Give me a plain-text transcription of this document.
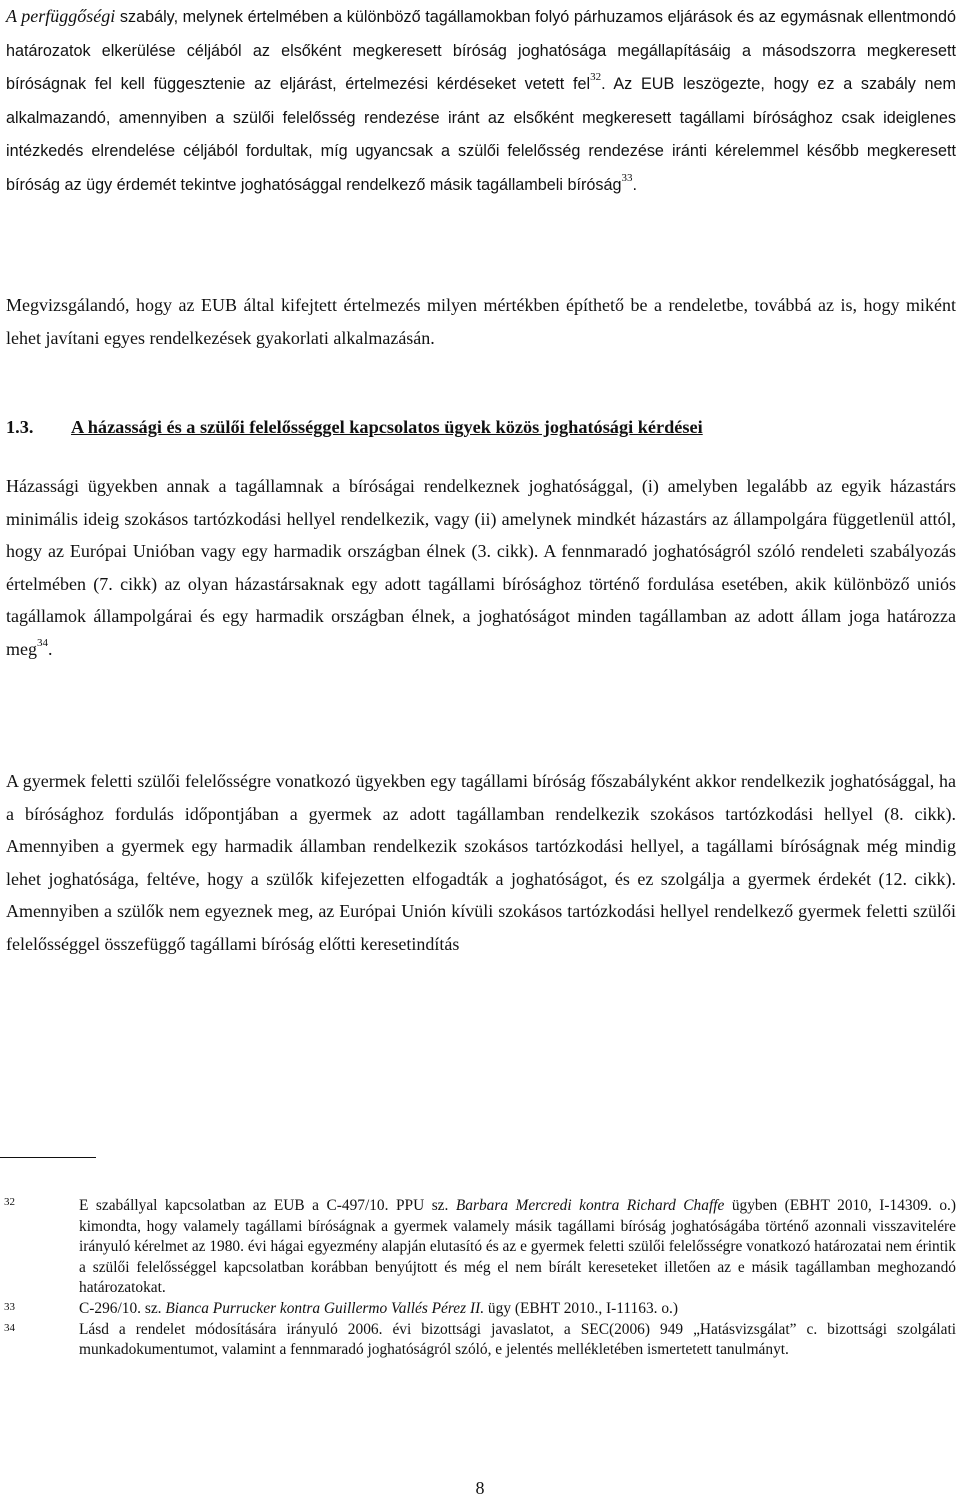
A perfüggőségi szabály, melynek értelmében a különböző tagállamokban folyó párhuzamos eljárások és az egymásnak ellentmondó határozatok elkerülése céljából az elsőként megkeresett bíróság joghatósága megállapításáig a másodszorra megkeresett bíróságnak fel kell függesztenie az eljárást, értelmezési kérdéseket vetett fel$^{32}$. Az EUB leszögezte, hogy ez a szabály nem alkalmazandó, amennyiben a szülői felelősség rendezése iránt az elsőként megkeresett tagállami bírósághoz csak ideiglenes intézkedés elrendelése céljából fordultak, míg ugyancsak a szülői felelősség rendezése iránti kérelemmel később megkeresett bíróság az ügy érdemét tekintve joghatósággal rendelkező másik tagállambeli bíróság$^{33}$.

Megvizsgálandó, hogy az EUB által kifejtett értelmezés milyen mértékben építhető be a rendeletbe, továbbá az is, hogy miként lehet javítani egyes rendelkezések gyakorlati alkalmazásán.

1.3. A házassági és a szülői felelősséggel kapcsolatos ügyek közös joghatósági kérdései

Házassági ügyekben annak a tagállamnak a bíróságai rendelkeznek joghatósággal, (i) amelyben legalább az egyik házastárs minimális ideig szokásos tartózkodási hellyel rendelkezik, vagy (ii) amelynek mindkét házastárs az állampolgára függetlenül attól, hogy az Európai Unióban vagy egy harmadik országban élnek (3. cikk). A fennmaradó joghatóságról szóló rendeleti szabályozás értelmében (7. cikk) az olyan házastársaknak egy adott tagállami bírósághoz történő fordulása esetében, akik különböző uniós tagállamok állampolgárai és egy harmadik országban élnek, a joghatóságot minden tagállamban az adott állam joga határozza meg$^{34}$.

A gyermek feletti szülői felelősségre vonatkozó ügyekben egy tagállami bíróság főszabályként akkor rendelkezik joghatósággal, ha a bírósághoz fordulás időpontjában a gyermek az adott tagállamban rendelkezik szokásos tartózkodási hellyel (8. cikk). Amennyiben a gyermek egy harmadik államban rendelkezik szokásos tartózkodási hellyel, a tagállami bíróságnak még mindig lehet joghatósága, feltéve, hogy a szülők kifejezetten elfogadták a joghatóságot, és ez szolgálja a gyermek érdekét (12. cikk). Amennyiben a szülők nem egyeznek meg, az Európai Unión kívüli szokásos tartózkodási hellyel rendelkező gyermek feletti szülői felelősséggel összefüggő tagállami bíróság előtti keresetindítás

32	E szabállyal kapcsolatban az EUB a C-497/10. PPU sz. Barbara Mercredi kontra Richard Chaffe ügyben (EBHT 2010, I-14309. o.) kimondta, hogy valamely tagállami bíróságnak a gyermek valamely másik tagállami bíróság joghatóságába történő azonnali visszavitelére irányuló kérelmet az 1980. évi hágai egyezmény alapján elutasító és az e gyermek feletti szülői felelősségre vonatkozó határozatai nem érintik a szülői felelősséggel kapcsolatban korábban benyújtott és még el nem bírált kereseteket illetően az e másik tagállamban meghozandó határozatokat.
33	C-296/10. sz. Bianca Purrucker kontra Guillermo Vallés Pérez II. ügy (EBHT 2010., I-11163. o.)
34	Lásd a rendelet módosítására irányuló 2006. évi bizottsági javaslatot, a SEC(2006) 949 „Hatásvizsgálat” c. bizottsági szolgálati munkadokumentumot, valamint a fennmaradó joghatóságról szóló, e jelentés mellékletében ismertetett tanulmányt.
8
